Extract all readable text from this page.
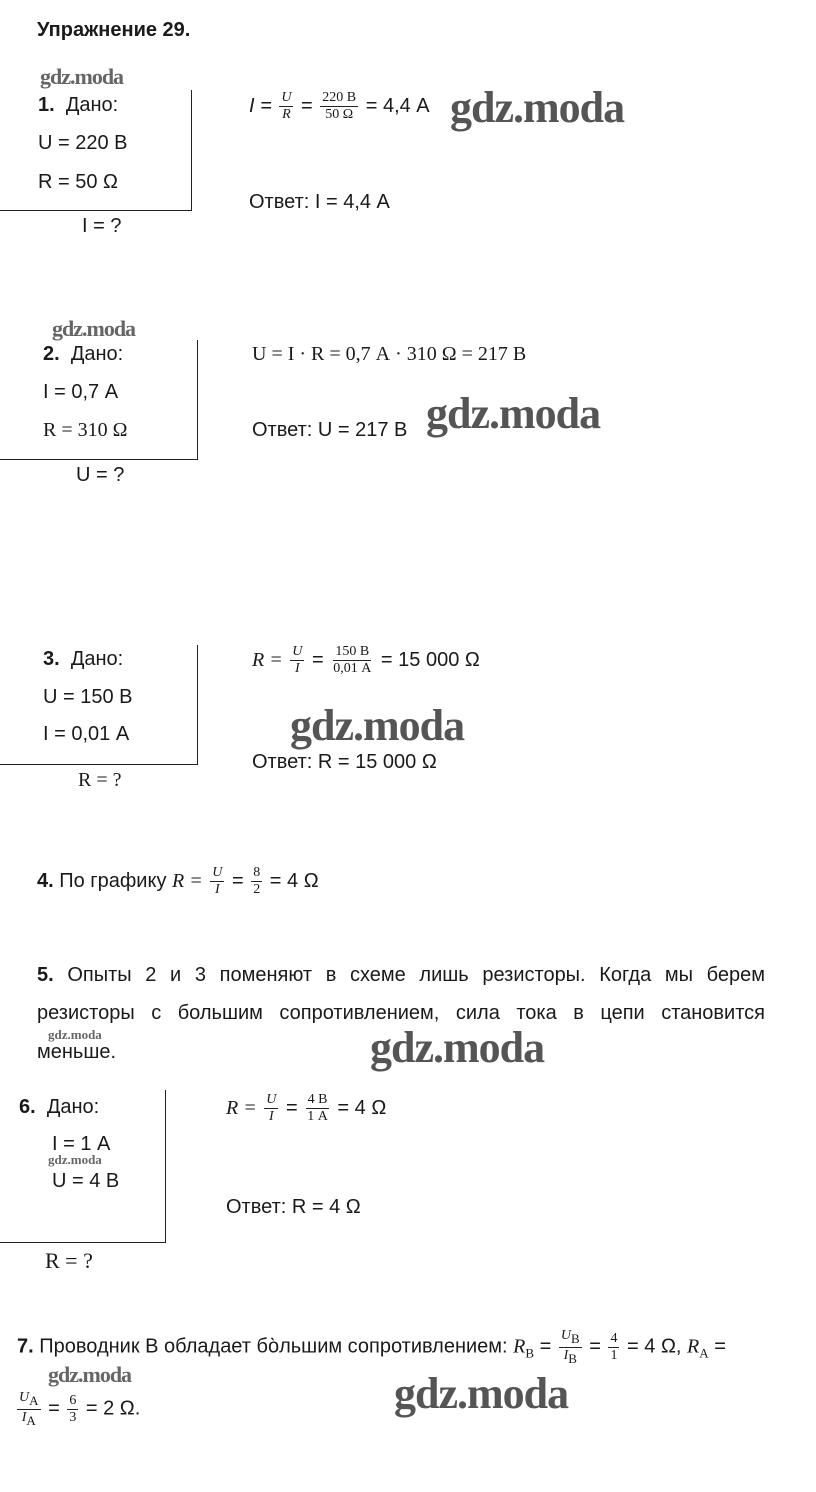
Упражнение 29.
gdz.moda
gdz.moda
gdz.moda
gdz.moda
gdz.moda
gdz.moda	gdz.moda
gdz.moda
gdz.moda	gdz.moda
1. Дано:
U = 220 В
R = 50 Ω
I = ?
$I = \frac{U}{R} = \frac{220 В}{50 \Omega} = 4,4$ А
Ответ: I = 4,4 А
2. Дано:
I = 0,7 А
R = 310 Ω
U = ?
U = I · R = 0,7 А · 310 Ω = 217 В
Ответ: U = 217 В
3. Дано:
U = 150 В
I = 0,01 А
R = ?
$R = \frac{U}{I} = \frac{150 В}{0,01 А} = 15$ 000 Ω
Ответ: R = 15 000 Ω
4. По графику $R = \frac{U}{I} = \frac{8}{2} = 4$ Ω
5. Опыты 2 и 3 поменяют в схеме лишь резисторы. Когда мы берем
резисторы с большим сопротивлением, сила тока в цепи становится
меньше.
6. Дано:
I = 1 А
U = 4 В
R = ?
$R = \frac{U}{I} = \frac{4 В}{1 А} = 4$ Ω
Ответ: R = 4 Ω
7. Проводник В обладает бо̀льшим сопротивлением: $R_В = \frac{U_В}{I_В} = \frac{4}{1} = 4$ Ω, $R_А$ =
$\frac{U_А}{I_А} = \frac{6}{3} = 2$ Ω.
